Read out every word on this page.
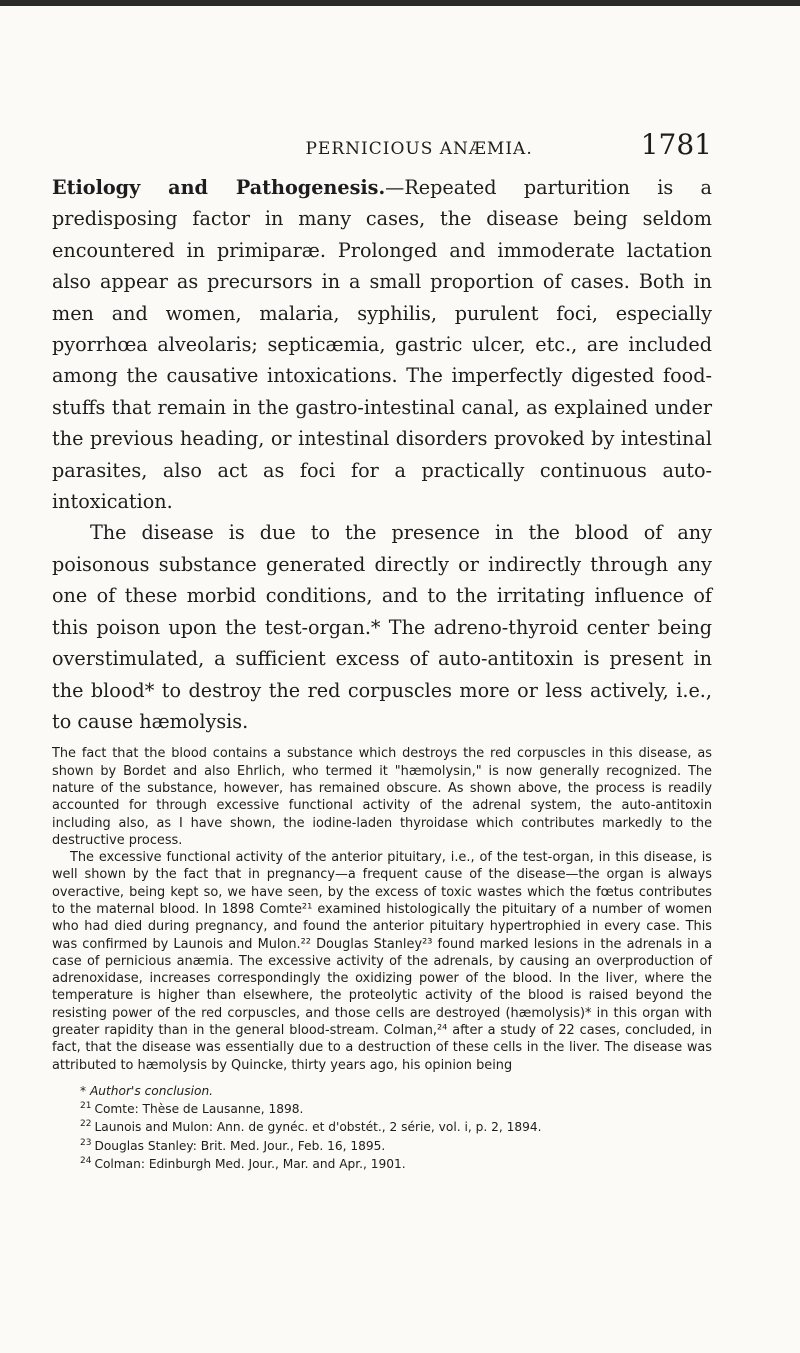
PERNICIOUS ANÆMIA.	1781

Etiology and Pathogenesis.—Repeated parturition is a predisposing factor in many cases, the disease being seldom encountered in primiparæ. Prolonged and immoderate lactation also appear as precursors in a small proportion of cases. Both in men and women, malaria, syphilis, purulent foci, especially pyorrhœa alveolaris; septicæmia, gastric ulcer, etc., are included among the causative intoxications. The imperfectly digested food-stuffs that remain in the gastro-intestinal canal, as explained under the previous heading, or intestinal disorders provoked by intestinal parasites, also act as foci for a practically continuous auto-intoxication.

The disease is due to the presence in the blood of any poisonous substance generated directly or indirectly through any one of these morbid conditions, and to the irritating influence of this poison upon the test-organ.* The adreno-thyroid center being overstimulated, a sufficient excess of auto-antitoxin is present in the blood* to destroy the red corpuscles more or less actively, i.e., to cause hæmolysis.

The fact that the blood contains a substance which destroys the red corpuscles in this disease, as shown by Bordet and also Ehrlich, who termed it "hæmolysin," is now generally recognized. The nature of the substance, however, has remained obscure. As shown above, the process is readily accounted for through excessive functional activity of the adrenal system, the auto-antitoxin including also, as I have shown, the iodine-laden thyroidase which contributes markedly to the destructive process.

The excessive functional activity of the anterior pituitary, i.e., of the test-organ, in this disease, is well shown by the fact that in pregnancy—a frequent cause of the disease—the organ is always overactive, being kept so, we have seen, by the excess of toxic wastes which the fœtus contributes to the maternal blood. In 1898 Comte²¹ examined histologically the pituitary of a number of women who had died during pregnancy, and found the anterior pituitary hypertrophied in every case. This was confirmed by Launois and Mulon.²² Douglas Stanley²³ found marked lesions in the adrenals in a case of pernicious anæmia. The excessive activity of the adrenals, by causing an overproduction of adrenoxidase, increases correspondingly the oxidizing power of the blood. In the liver, where the temperature is higher than elsewhere, the proteolytic activity of the blood is raised beyond the resisting power of the red corpuscles, and those cells are destroyed (hæmolysis)* in this organ with greater rapidity than in the general blood-stream. Colman,²⁴ after a study of 22 cases, concluded, in fact, that the disease was essentially due to a destruction of these cells in the liver. The disease was attributed to hæmolysis by Quincke, thirty years ago, his opinion being

* Author's conclusion.

$^{21}$ Comte: Thèse de Lausanne, 1898.

$^{22}$ Launois and Mulon: Ann. de gynéc. et d'obstét., 2 série, vol. i, p. 2, 1894.

$^{23}$ Douglas Stanley: Brit. Med. Jour., Feb. 16, 1895.

$^{24}$ Colman: Edinburgh Med. Jour., Mar. and Apr., 1901.
